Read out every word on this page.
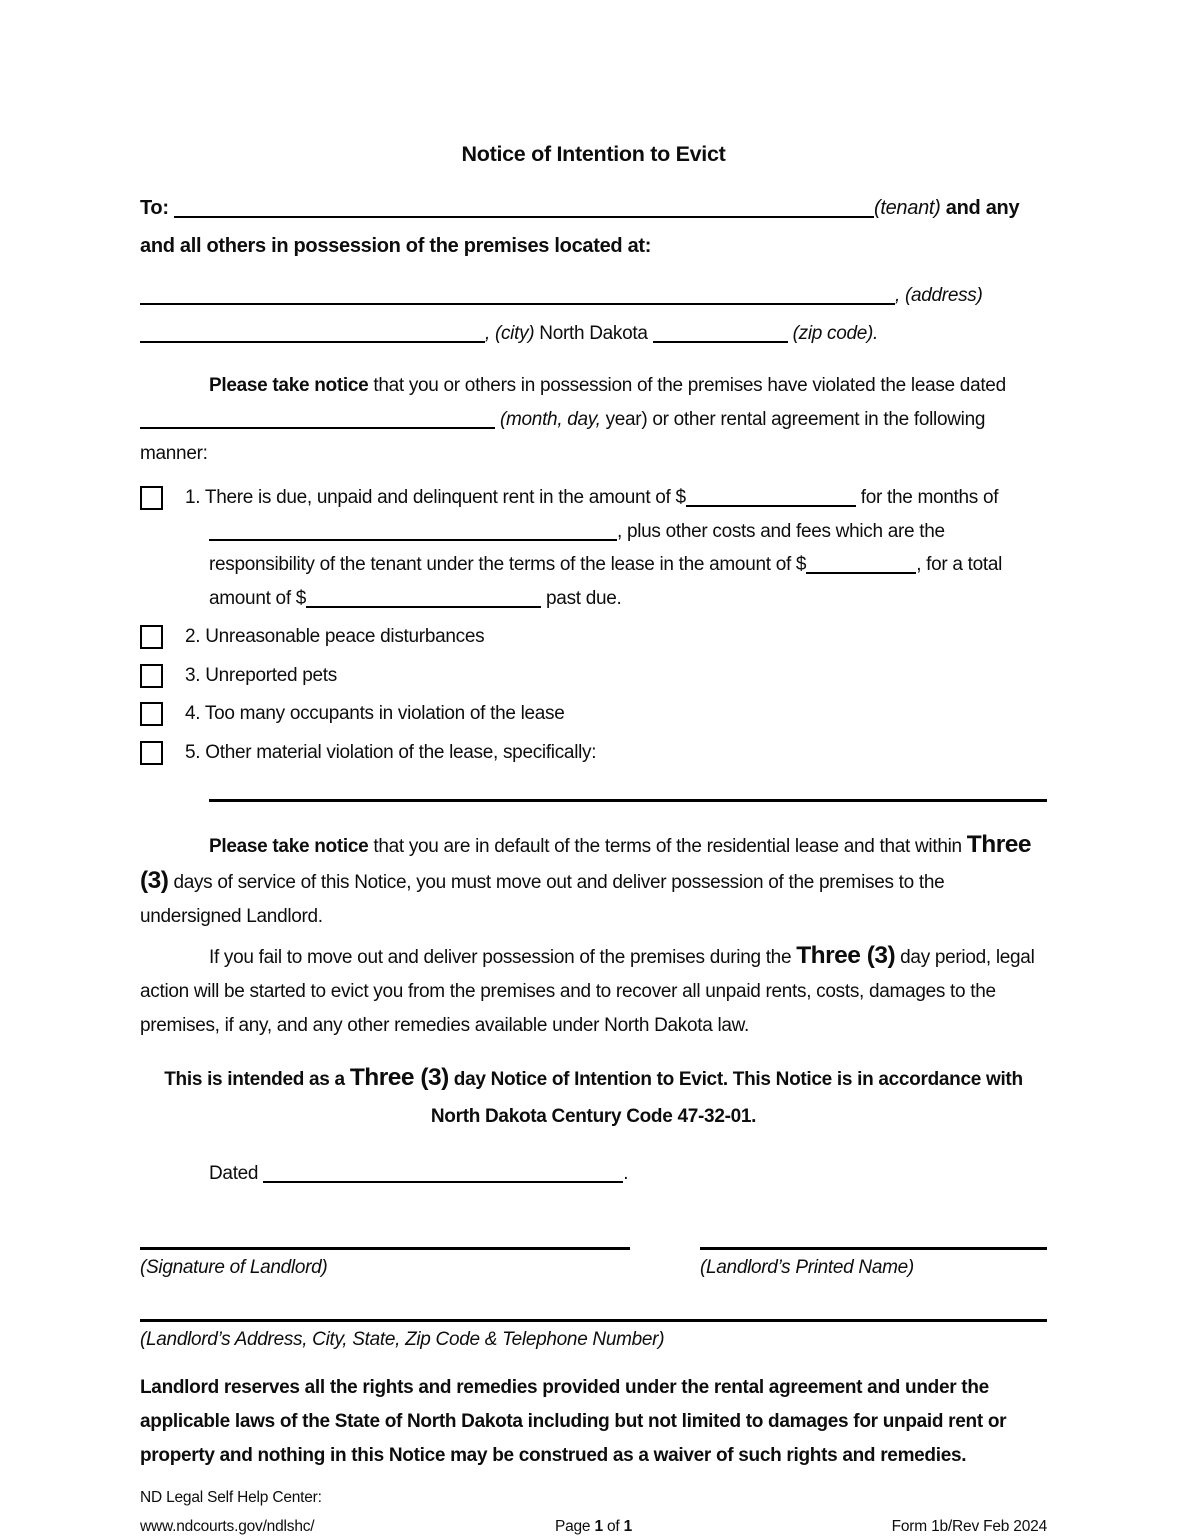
Notice of Intention to Evict

To:	(tenant) and any and all others in possession of the premises located at:

, (address) , (city) North Dakota	(zip code).

Please take notice that you or others in possession of the premises have violated the lease dated  (month, day, year) or other rental agreement in the following manner:

1. There is due, unpaid and delinquent rent in the amount of $	for the months of , plus other costs and fees which are the responsibility of the tenant under the terms of the lease in the amount of $	, for a total amount of $	past due.
2. Unreasonable peace disturbances
3. Unreported pets
4. Too many occupants in violation of the lease
5. Other material violation of the lease, specifically:

Please take notice that you are in default of the terms of the residential lease and that within Three (3) days of service of this Notice, you must move out and deliver possession of the premises to the undersigned Landlord.

If you fail to move out and deliver possession of the premises during the Three (3) day period, legal action will be started to evict you from the premises and to recover all unpaid rents, costs, damages to the premises, if any, and any other remedies available under North Dakota law.

This is intended as a Three (3) day Notice of Intention to Evict. This Notice is in accordance with North Dakota Century Code 47-32-01.

Dated	.

(Signature of Landlord)	(Landlord’s Printed Name)
(Landlord’s Address, City, State, Zip Code & Telephone Number)

Landlord reserves all the rights and remedies provided under the rental agreement and under the applicable laws of the State of North Dakota including but not limited to damages for unpaid rent or property and nothing in this Notice may be construed as a waiver of such rights and remedies.

ND Legal Self Help Center:
www.ndcourts.gov/ndlshc/	Page 1 of 1	Form 1b/Rev Feb 2024
